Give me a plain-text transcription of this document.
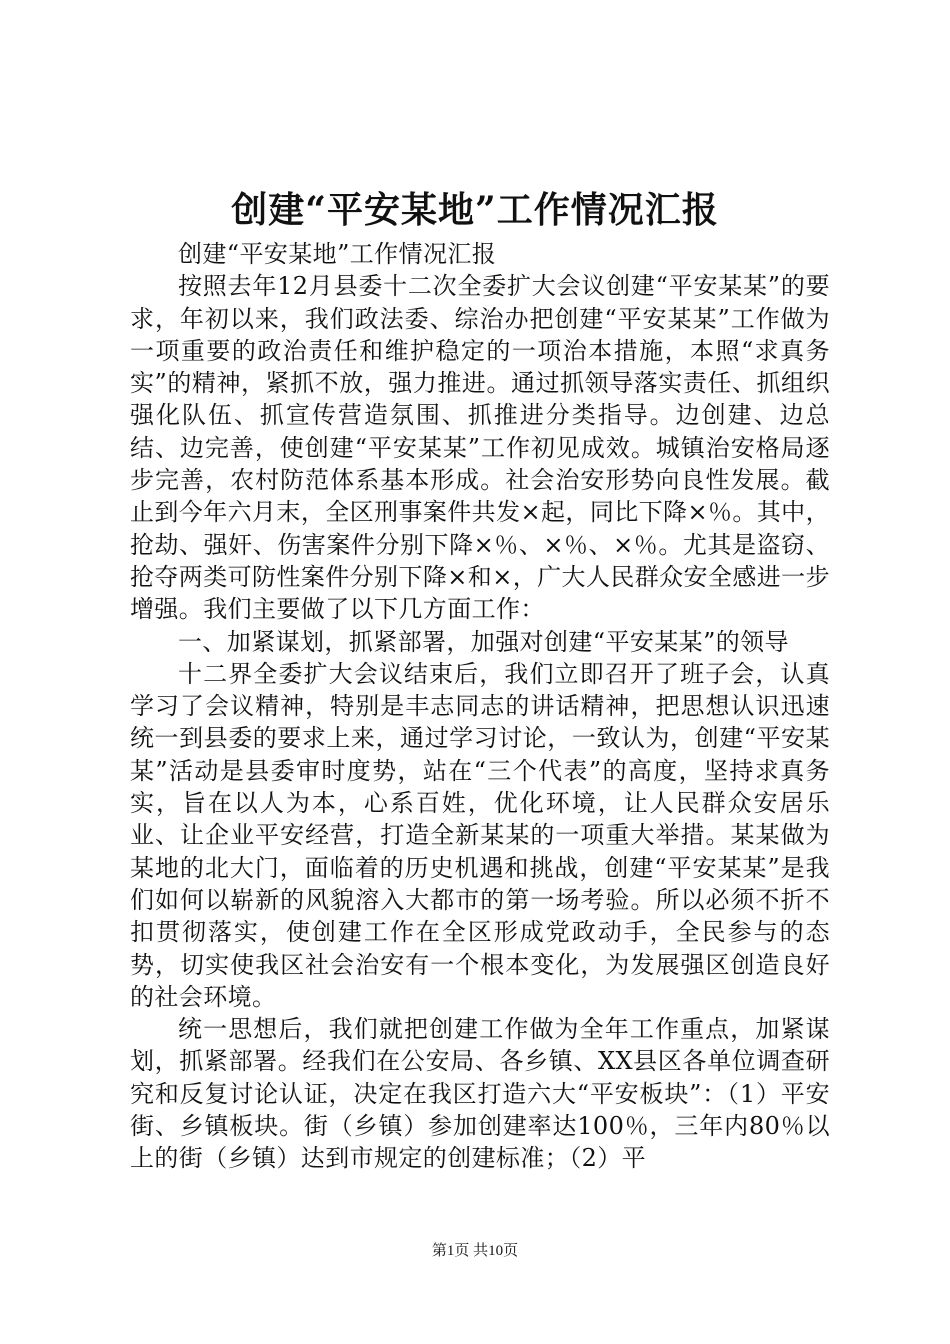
创建“平安某地”工作情况汇报

创建“平安某地”工作情况汇报

按照去年12月县委十二次全委扩大会议创建“平安某某”的要求，年初以来，我们政法委、综治办把创建“平安某某”工作做为一项重要的政治责任和维护稳定的一项治本措施，本照“求真务实”的精神，紧抓不放，强力推进。通过抓领导落实责任、抓组织强化队伍、抓宣传营造氛围、抓推进分类指导。边创建、边总结、边完善，使创建“平安某某”工作初见成效。城镇治安格局逐步完善，农村防范体系基本形成。社会治安形势向良性发展。截止到今年六月末，全区刑事案件共发×起，同比下降×％。其中，抢劫、强奸、伤害案件分别下降×％、×％、×％。尤其是盗窃、抢夺两类可防性案件分别下降×和×，广大人民群众安全感进一步增强。我们主要做了以下几方面工作：

一、加紧谋划，抓紧部署，加强对创建“平安某某”的领导

十二界全委扩大会议结束后，我们立即召开了班子会，认真学习了会议精神，特别是丰志同志的讲话精神，把思想认识迅速统一到县委的要求上来，通过学习讨论，一致认为，创建“平安某某”活动是县委审时度势，站在“三个代表”的高度，坚持求真务实，旨在以人为本，心系百姓，优化环境，让人民群众安居乐业、让企业平安经营，打造全新某某的一项重大举措。某某做为某地的北大门，面临着的历史机遇和挑战，创建“平安某某”是我们如何以崭新的风貌溶入大都市的第一场考验。所以必须不折不扣贯彻落实，使创建工作在全区形成党政动手，全民参与的态势，切实使我区社会治安有一个根本变化，为发展强区创造良好的社会环境。

统一思想后，我们就把创建工作做为全年工作重点，加紧谋划，抓紧部署。经我们在公安局、各乡镇、XX县区各单位调查研究和反复讨论认证，决定在我区打造六大“平安板块”：（1）平安街、乡镇板块。街（乡镇）参加创建率达100％，三年内80％以上的街（乡镇）达到市规定的创建标准；（2）平

第1页 共10页
